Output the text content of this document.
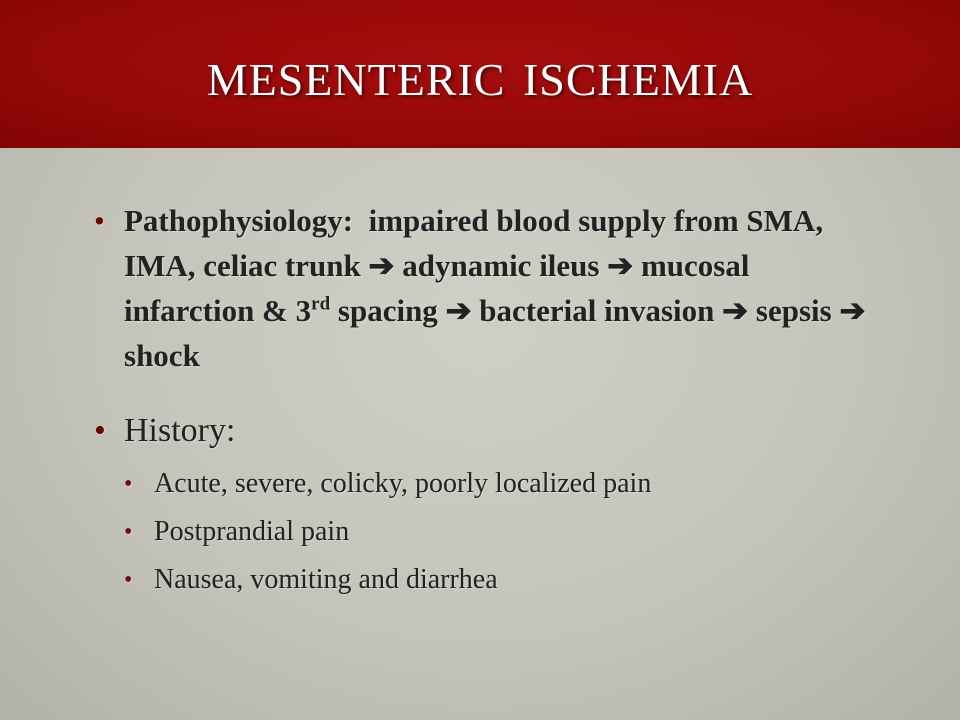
mesenteric ischemia

• Pathophysiology: impaired blood supply from SMA, IMA, celiac trunk ➔ adynamic ileus ➔ mucosal infarction & 3rd spacing ➔ bacterial invasion ➔ sepsis ➔ shock

• History:

• Acute, severe, colicky, poorly localized pain
• Postprandial pain
• Nausea, vomiting and diarrhea
